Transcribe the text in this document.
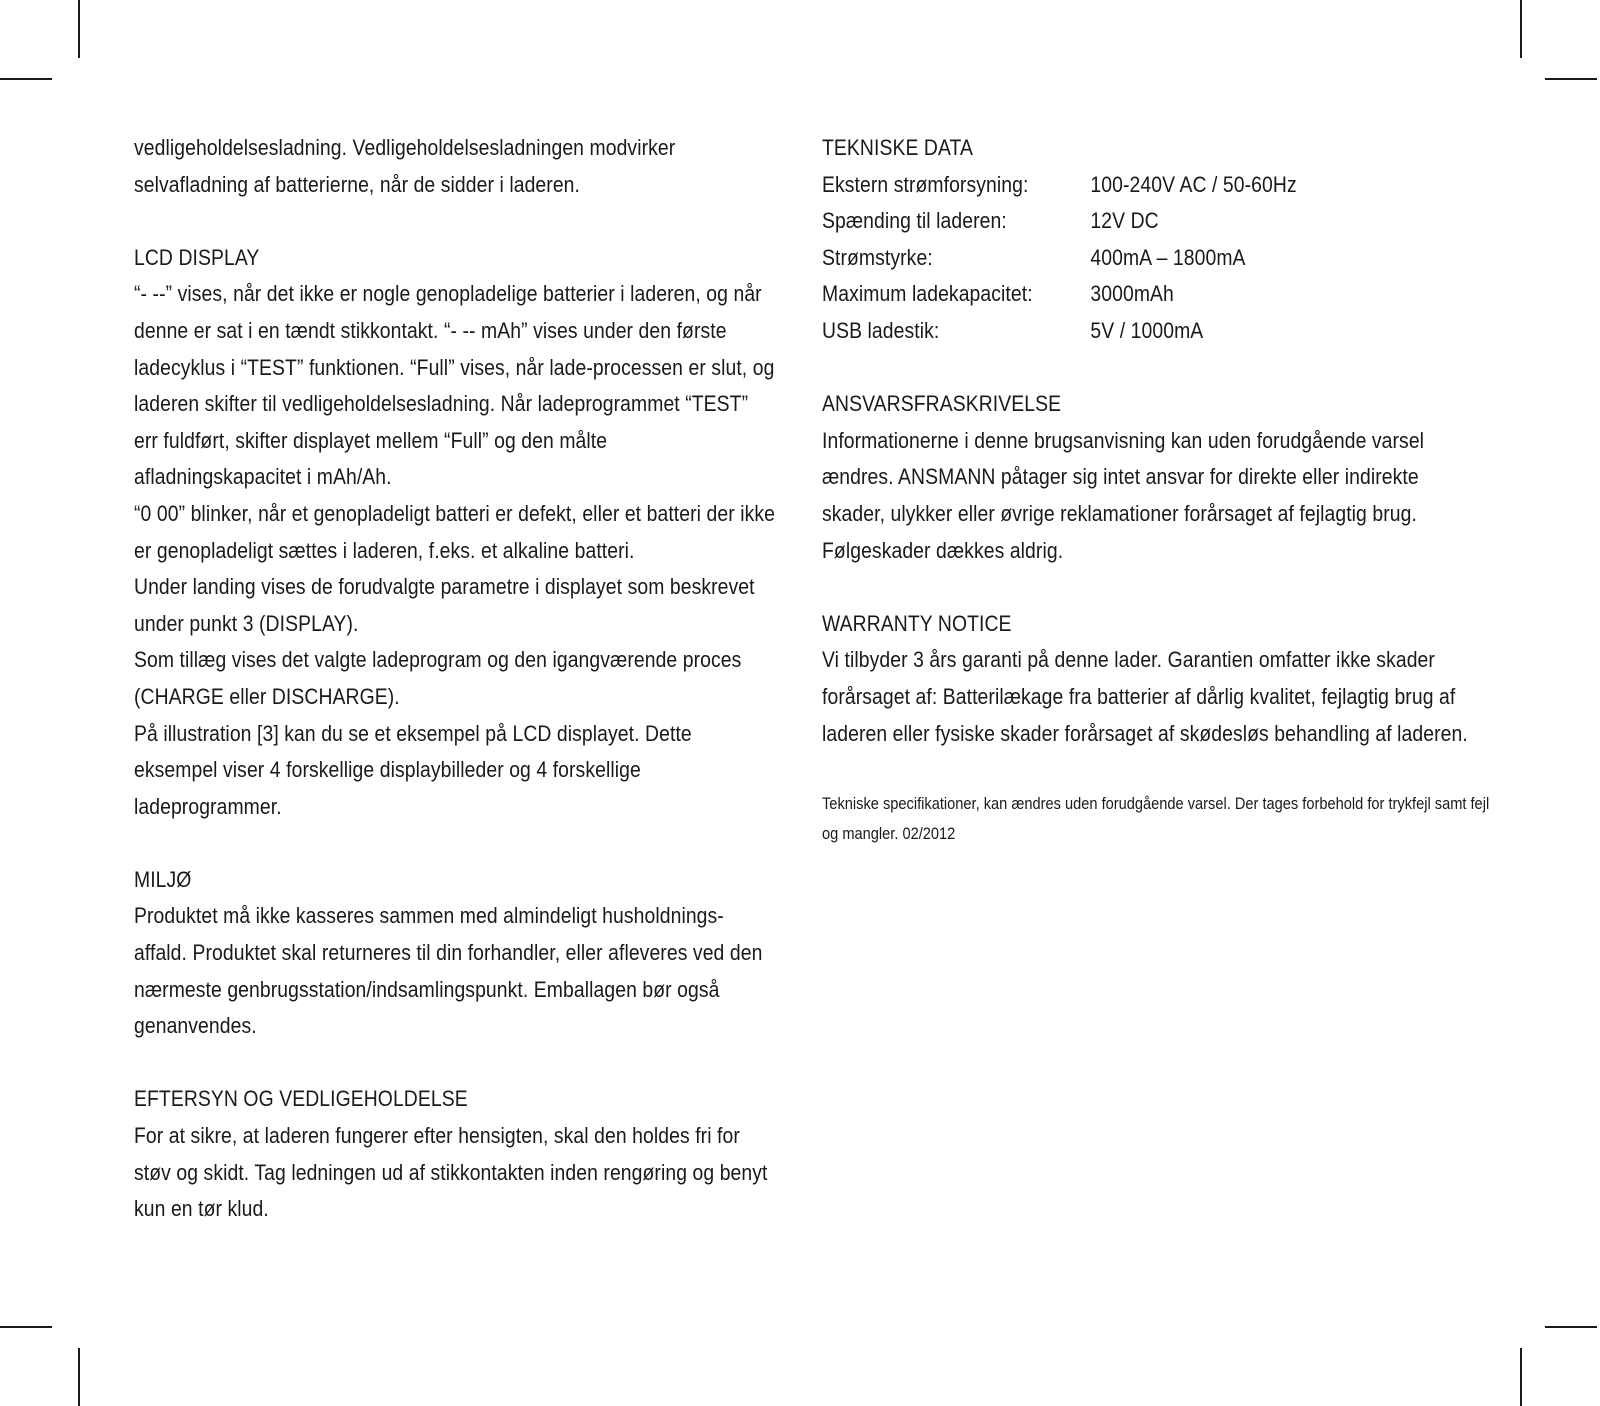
vedligeholdelsesladning. Vedligeholdelsesladningen modvirker selvafladning af batterierne, når de sidder i laderen.

LCD DISPLAY

“- --” vises, når det ikke er nogle genopladelige batterier i laderen, og når denne er sat i en tændt stikkontakt. “- -- mAh” vises under den første ladecyklus i “TEST” funktionen. “Full” vises, når lade-processen er slut, og laderen skifter til vedligeholdelsesladning. Når ladeprogrammet “TEST” err fuldført, skifter displayet mellem “Full” og den målte afladningskapacitet i mAh/Ah.

“0 00” blinker, når et genopladeligt batteri er defekt, eller et batteri der ikke er genopladeligt sættes i laderen, f.eks. et alkaline batteri.

Under landing vises de forudvalgte parametre i displayet som beskrevet under punkt 3 (DISPLAY).

Som tillæg vises det valgte ladeprogram og den igangværende proces (CHARGE eller DISCHARGE).

På illustration [3] kan du se et eksempel på LCD displayet. Dette eksempel viser 4 forskellige displaybilleder og 4 forskellige ladeprogrammer.

MILJØ

Produktet må ikke kasseres sammen med almindeligt husholdnings-affald. Produktet skal returneres til din forhandler, eller afleveres ved den nærmeste genbrugsstation/indsamlingspunkt. Emballagen bør også genanvendes.

EFTERSYN OG VEDLIGEHOLDELSE

For at sikre, at laderen fungerer efter hensigten, skal den holdes fri for støv og skidt. Tag ledningen ud af stikkontakten inden rengøring og benyt kun en tør klud.

TEKNISKE DATA
Ekstern strømforsyning:	100-240V AC / 50-60Hz
Spænding til laderen:	12V DC
Strømstyrke:	400mA – 1800mA
Maximum ladekapacitet:	3000mAh
USB ladestik:	5V / 1000mA
ANSVARSFRASKRIVELSE

Informationerne i denne brugsanvisning kan uden forudgående varsel ændres. ANSMANN påtager sig intet ansvar for direkte eller indirekte skader, ulykker eller øvrige reklamationer forårsaget af fejlagtig brug. Følgeskader dækkes aldrig.

WARRANTY NOTICE

Vi tilbyder 3 års garanti på denne lader. Garantien omfatter ikke skader forårsaget af: Batterilækage fra batterier af dårlig kvalitet, fejlagtig brug af laderen eller fysiske skader forårsaget af skødesløs behandling af laderen.

Tekniske specifikationer, kan ændres uden forudgående varsel. Der tages forbehold for trykfejl samt fejl og mangler. 02/2012
